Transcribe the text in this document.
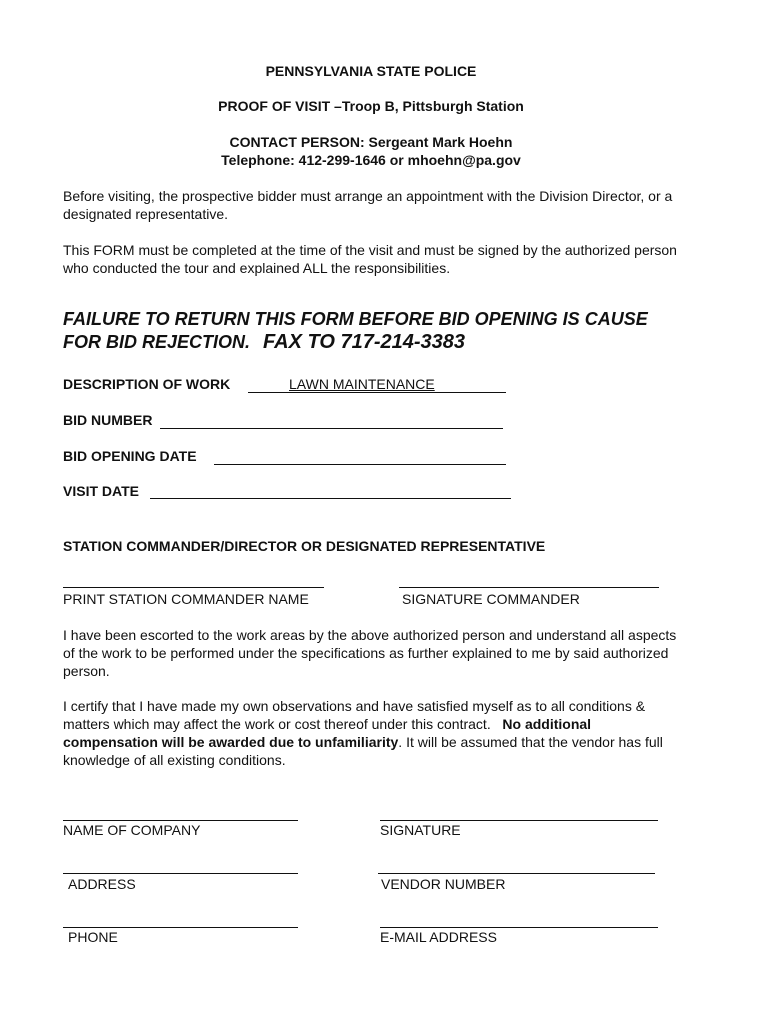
PENNSYLVANIA STATE POLICE
PROOF OF VISIT –Troop B, Pittsburgh Station
CONTACT PERSON: Sergeant Mark Hoehn
Telephone: 412-299-1646 or mhoehn@pa.gov
Before visiting, the prospective bidder must arrange an appointment with the Division Director, or a designated representative.
This FORM must be completed at the time of the visit and must be signed by the authorized person who conducted the tour and explained ALL the responsibilities.
FAILURE TO RETURN THIS FORM BEFORE BID OPENING IS CAUSE
FOR BID REJECTION. FAX TO 717-214-3383
DESCRIPTION OF WORK	LAWN MAINTENANCE
BID NUMBER
BID OPENING DATE
VISIT DATE
STATION COMMANDER/DIRECTOR OR DESIGNATED REPRESENTATIVE
PRINT STATION COMMANDER NAME	SIGNATURE COMMANDER
I have been escorted to the work areas by the above authorized person and understand all aspects of the work to be performed under the specifications as further explained to me by said authorized person.
I certify that I have made my own observations and have satisfied myself as to all conditions & matters which may affect the work or cost thereof under this contract. No additional compensation will be awarded due to unfamiliarity. It will be assumed that the vendor has full knowledge of all existing conditions.
NAME OF COMPANY	SIGNATURE
ADDRESS	VENDOR NUMBER
PHONE	E-MAIL ADDRESS
